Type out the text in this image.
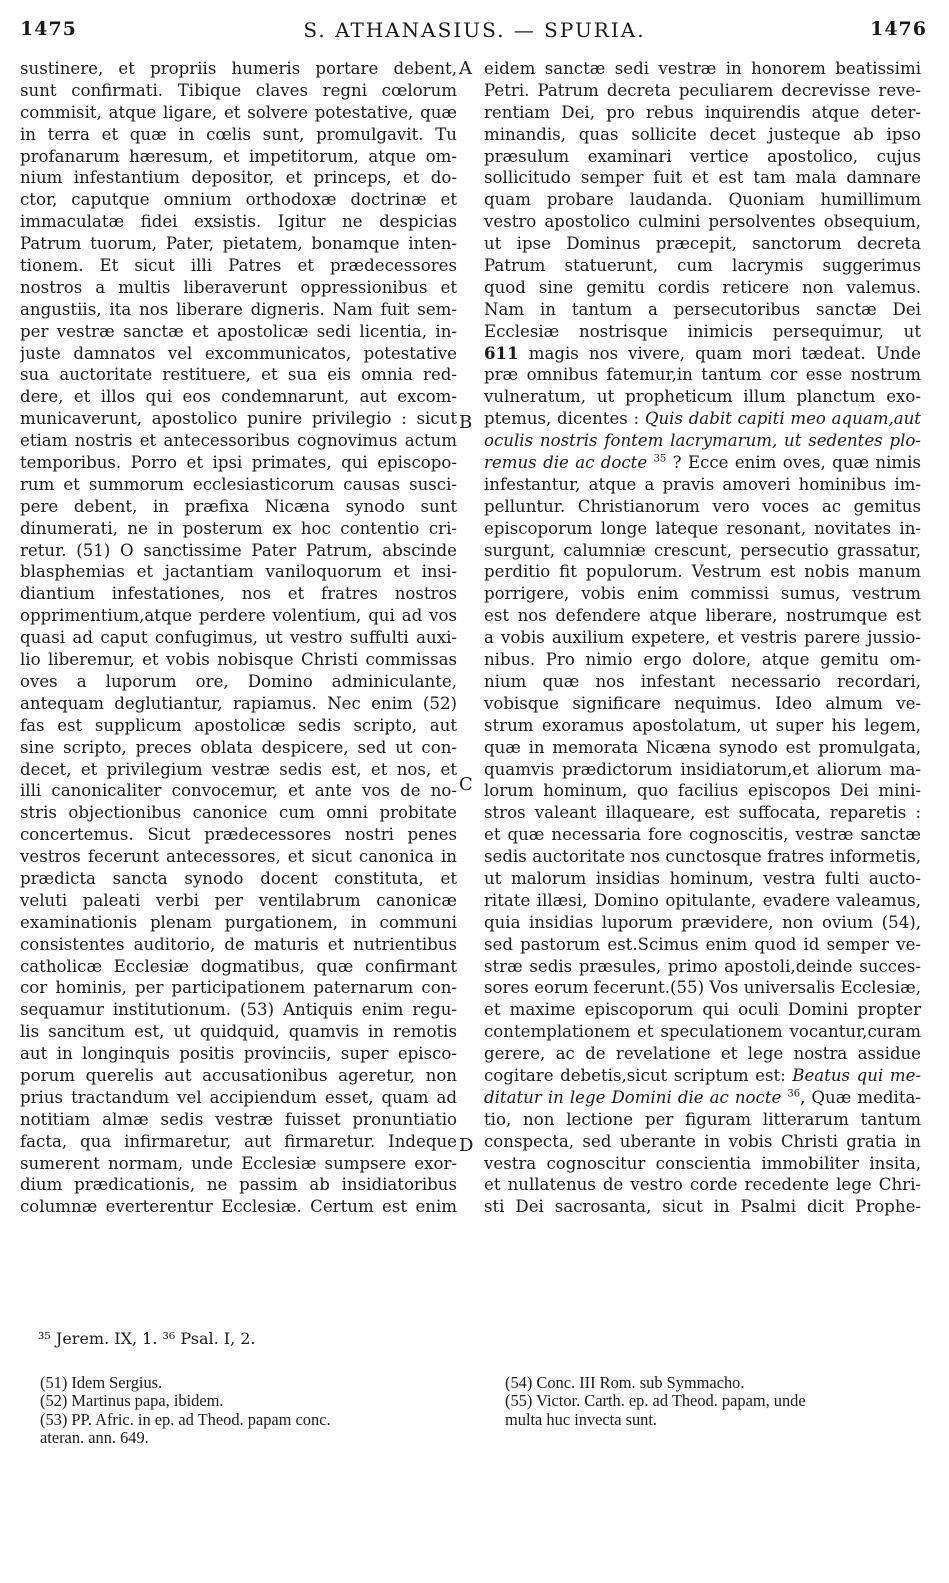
1475	S. ATHANASIUS. — SPURIA.	1476
sustinere, et propriis humeris portare debent,
sunt confirmati. Tibique claves regni cœlorum
commisit, atque ligare, et solvere potestative, quæ
in terra et quæ in cœlis sunt, promulgavit. Tu
profanarum hæresum, et impetitorum, atque om-
nium infestantium depositor, et princeps, et do-
ctor, caputque omnium orthodoxæ doctrinæ et
immaculatæ fidei exsistis. Igitur ne despicias
Patrum tuorum, Pater, pietatem, bonamque inten-
tionem. Et sicut illi Patres et prædecessores
nostros a multis liberaverunt oppressionibus et
angustiis, ita nos liberare digneris. Nam fuit sem-
per vestræ sanctæ et apostolicæ sedi licentia, in-
juste damnatos vel excommunicatos, potestative
sua auctoritate restituere, et sua eis omnia red-
dere, et illos qui eos condemnarunt, aut excom-
municaverunt, apostolico punire privilegio : sicut
etiam nostris et antecessoribus cognovimus actum
temporibus. Porro et ipsi primates, qui episcopo-
rum et summorum ecclesiasticorum causas susci-
pere debent, in præfixa Nicæna synodo sunt
dinumerati, ne in posterum ex hoc contentio cri-
retur. (51) O sanctissime Pater Patrum, abscinde
blasphemias et jactantiam vaniloquorum et insi-
diantium infestationes, nos et fratres nostros
opprimentium,atque perdere volentium, qui ad vos
quasi ad caput confugimus, ut vestro suffulti auxi-
lio liberemur, et vobis nobisque Christi commissas
oves a luporum ore, Domino adminiculante,
antequam deglutiantur, rapiamus. Nec enim (52)
fas est supplicum apostolicæ sedis scripto, aut
sine scripto, preces oblata despicere, sed ut con-
decet, et privilegium vestræ sedis est, et nos, et
illi canonicaliter convocemur, et ante vos de no-
stris objectionibus canonice cum omni probitate
concertemus. Sicut prædecessores nostri penes
vestros fecerunt antecessores, et sicut canonica in
prædicta sancta synodo docent constituta, et
veluti paleati verbi per ventilabrum canonicæ
examinationis plenam purgationem, in communi
consistentes auditorio, de maturis et nutrientibus
catholicæ Ecclesiæ dogmatibus, quæ confirmant
cor hominis, per participationem paternarum con-
sequamur institutionum. (53) Antiquis enim regu-
lis sancitum est, ut quidquid, quamvis in remotis
aut in longinquis positis provinciis, super episco-
porum querelis aut accusationibus ageretur, non
prius tractandum vel accipiendum esset, quam ad
notitiam almæ sedis vestræ fuisset pronuntiatio
facta, qua infirmaretur, aut firmaretur. Indeque
sumerent normam, unde Ecclesiæ sumpsere exor-
dium prædicationis, ne passim ab insidiatoribus
columnæ everterentur Ecclesiæ. Certum est enim
eidem sanctæ sedi vestræ in honorem beatissimi
Petri. Patrum decreta peculiarem decrevisse reve-
rentiam Dei, pro rebus inquirendis atque deter-
minandis, quas sollicite decet justeque ab ipso
præsulum examinari vertice apostolico, cujus
sollicitudo semper fuit et est tam mala damnare
quam probare laudanda. Quoniam humillimum
vestro apostolico culmini persolventes obsequium,
ut ipse Dominus præcepit, sanctorum decreta
Patrum statuerunt, cum lacrymis suggerimus
quod sine gemitu cordis reticere non valemus.
Nam in tantum a persecutoribus sanctæ Dei
Ecclesiæ nostrisque inimicis persequimur, ut
611 magis nos vivere, quam mori tædeat. Unde
præ omnibus fatemur,in tantum cor esse nostrum
vulneratum, ut propheticum illum planctum exo-
ptemus, dicentes : Quis dabit capiti meo aquam,aut
oculis nostris fontem lacrymarum, ut sedentes plo-
remus die ac docte $^{35}$ ? Ecce enim oves, quæ nimis
infestantur, atque a pravis amoveri hominibus im-
pelluntur. Christianorum vero voces ac gemitus
episcoporum longe lateque resonant, novitates in-
surgunt, calumniæ crescunt, persecutio grassatur,
perditio fit populorum. Vestrum est nobis manum
porrigere, vobis enim commissi sumus, vestrum
est nos defendere atque liberare, nostrumque est
a vobis auxilium expetere, et vestris parere jussio-
nibus. Pro nimio ergo dolore, atque gemitu om-
nium quæ nos infestant necessario recordari,
vobisque significare nequimus. Ideo almum ve-
strum exoramus apostolatum, ut super his legem,
quæ in memorata Nicæna synodo est promulgata,
quamvis prædictorum insidiatorum,et aliorum ma-
lorum hominum, quo facilius episcopos Dei mini-
stros valeant illaqueare, est suffocata, reparetis :
et quæ necessaria fore cognoscitis, vestræ sanctæ
sedis auctoritate nos cunctosque fratres informetis,
ut malorum insidias hominum, vestra fulti aucto-
ritate illæsi, Domino opitulante, evadere valeamus,
quia insidias luporum prævidere, non ovium (54),
sed pastorum est.Scimus enim quod id semper ve-
stræ sedis præsules, primo apostoli,deinde succes-
sores eorum fecerunt.(55) Vos universalis Ecclesiæ,
et maxime episcoporum qui oculi Domini propter
contemplationem et speculationem vocantur,curam
gerere, ac de revelatione et lege nostra assidue
cogitare debetis,sicut scriptum est: Beatus qui me-
ditatur in lege Domini die ac nocte $^{36}$, Quæ medita-
tio, non lectione per figuram litterarum tantum
conspecta, sed uberante in vobis Christi gratia in
vestra cognoscitur conscientia immobiliter insita,
et nullatenus de vestro corde recedente lege Chri-
sti Dei sacrosanta, sicut in Psalmi dicit Prophe-
A
B
C
D
³⁵ Jerem. IX, 1. ³⁶ Psal. I, 2.
(51) Idem Sergius.
(52) Martinus papa, ibidem.
(53) PP. Afric. in ep. ad Theod. papam conc.
ateran. ann. 649.
(54) Conc. III Rom. sub Symmacho.
(55) Victor. Carth. ep. ad Theod. papam, unde
multa huc invecta sunt.
